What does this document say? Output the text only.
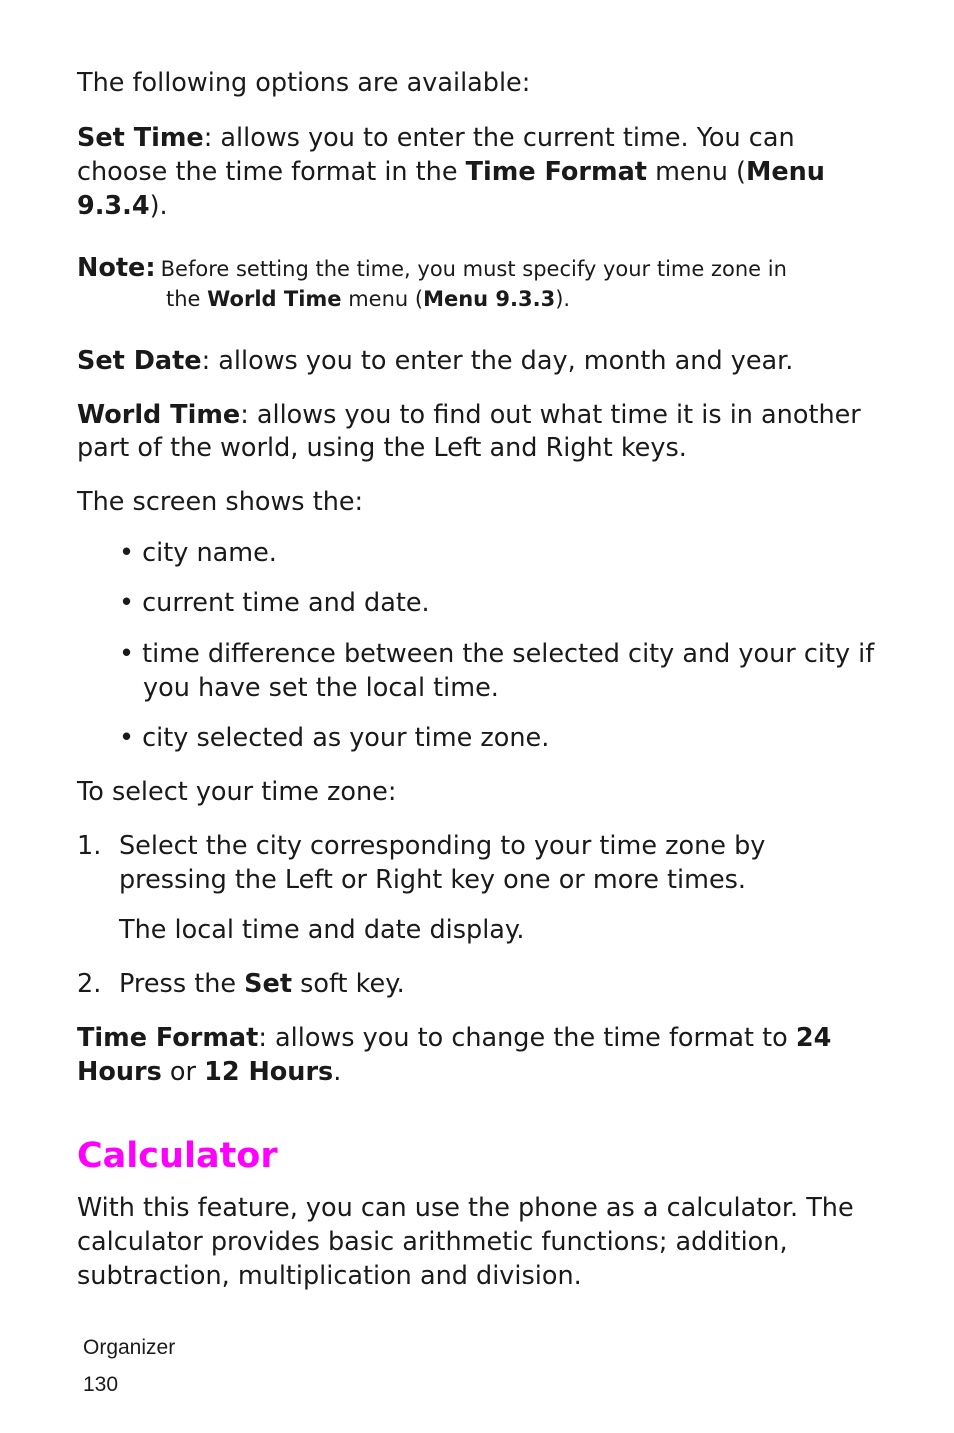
The following options are available:
Set Time: allows you to enter the current time. You can
choose the time format in the Time Format menu (Menu
9.3.4).
Note: Before setting the time, you must specify your time zone in
the World Time menu (Menu 9.3.3).
Set Date: allows you to enter the day, month and year.
World Time: allows you to find out what time it is in another
part of the world, using the Left and Right keys.
The screen shows the:
• city name.
• current time and date.
• time difference between the selected city and your city if
you have set the local time.
• city selected as your time zone.
To select your time zone:
1. Select the city corresponding to your time zone by
pressing the Left or Right key one or more times.
The local time and date display.
2. Press the Set soft key.
Time Format: allows you to change the time format to 24
Hours or 12 Hours.
Calculator
With this feature, you can use the phone as a calculator. The
calculator provides basic arithmetic functions; addition,
subtraction, multiplication and division.
Organizer
130
